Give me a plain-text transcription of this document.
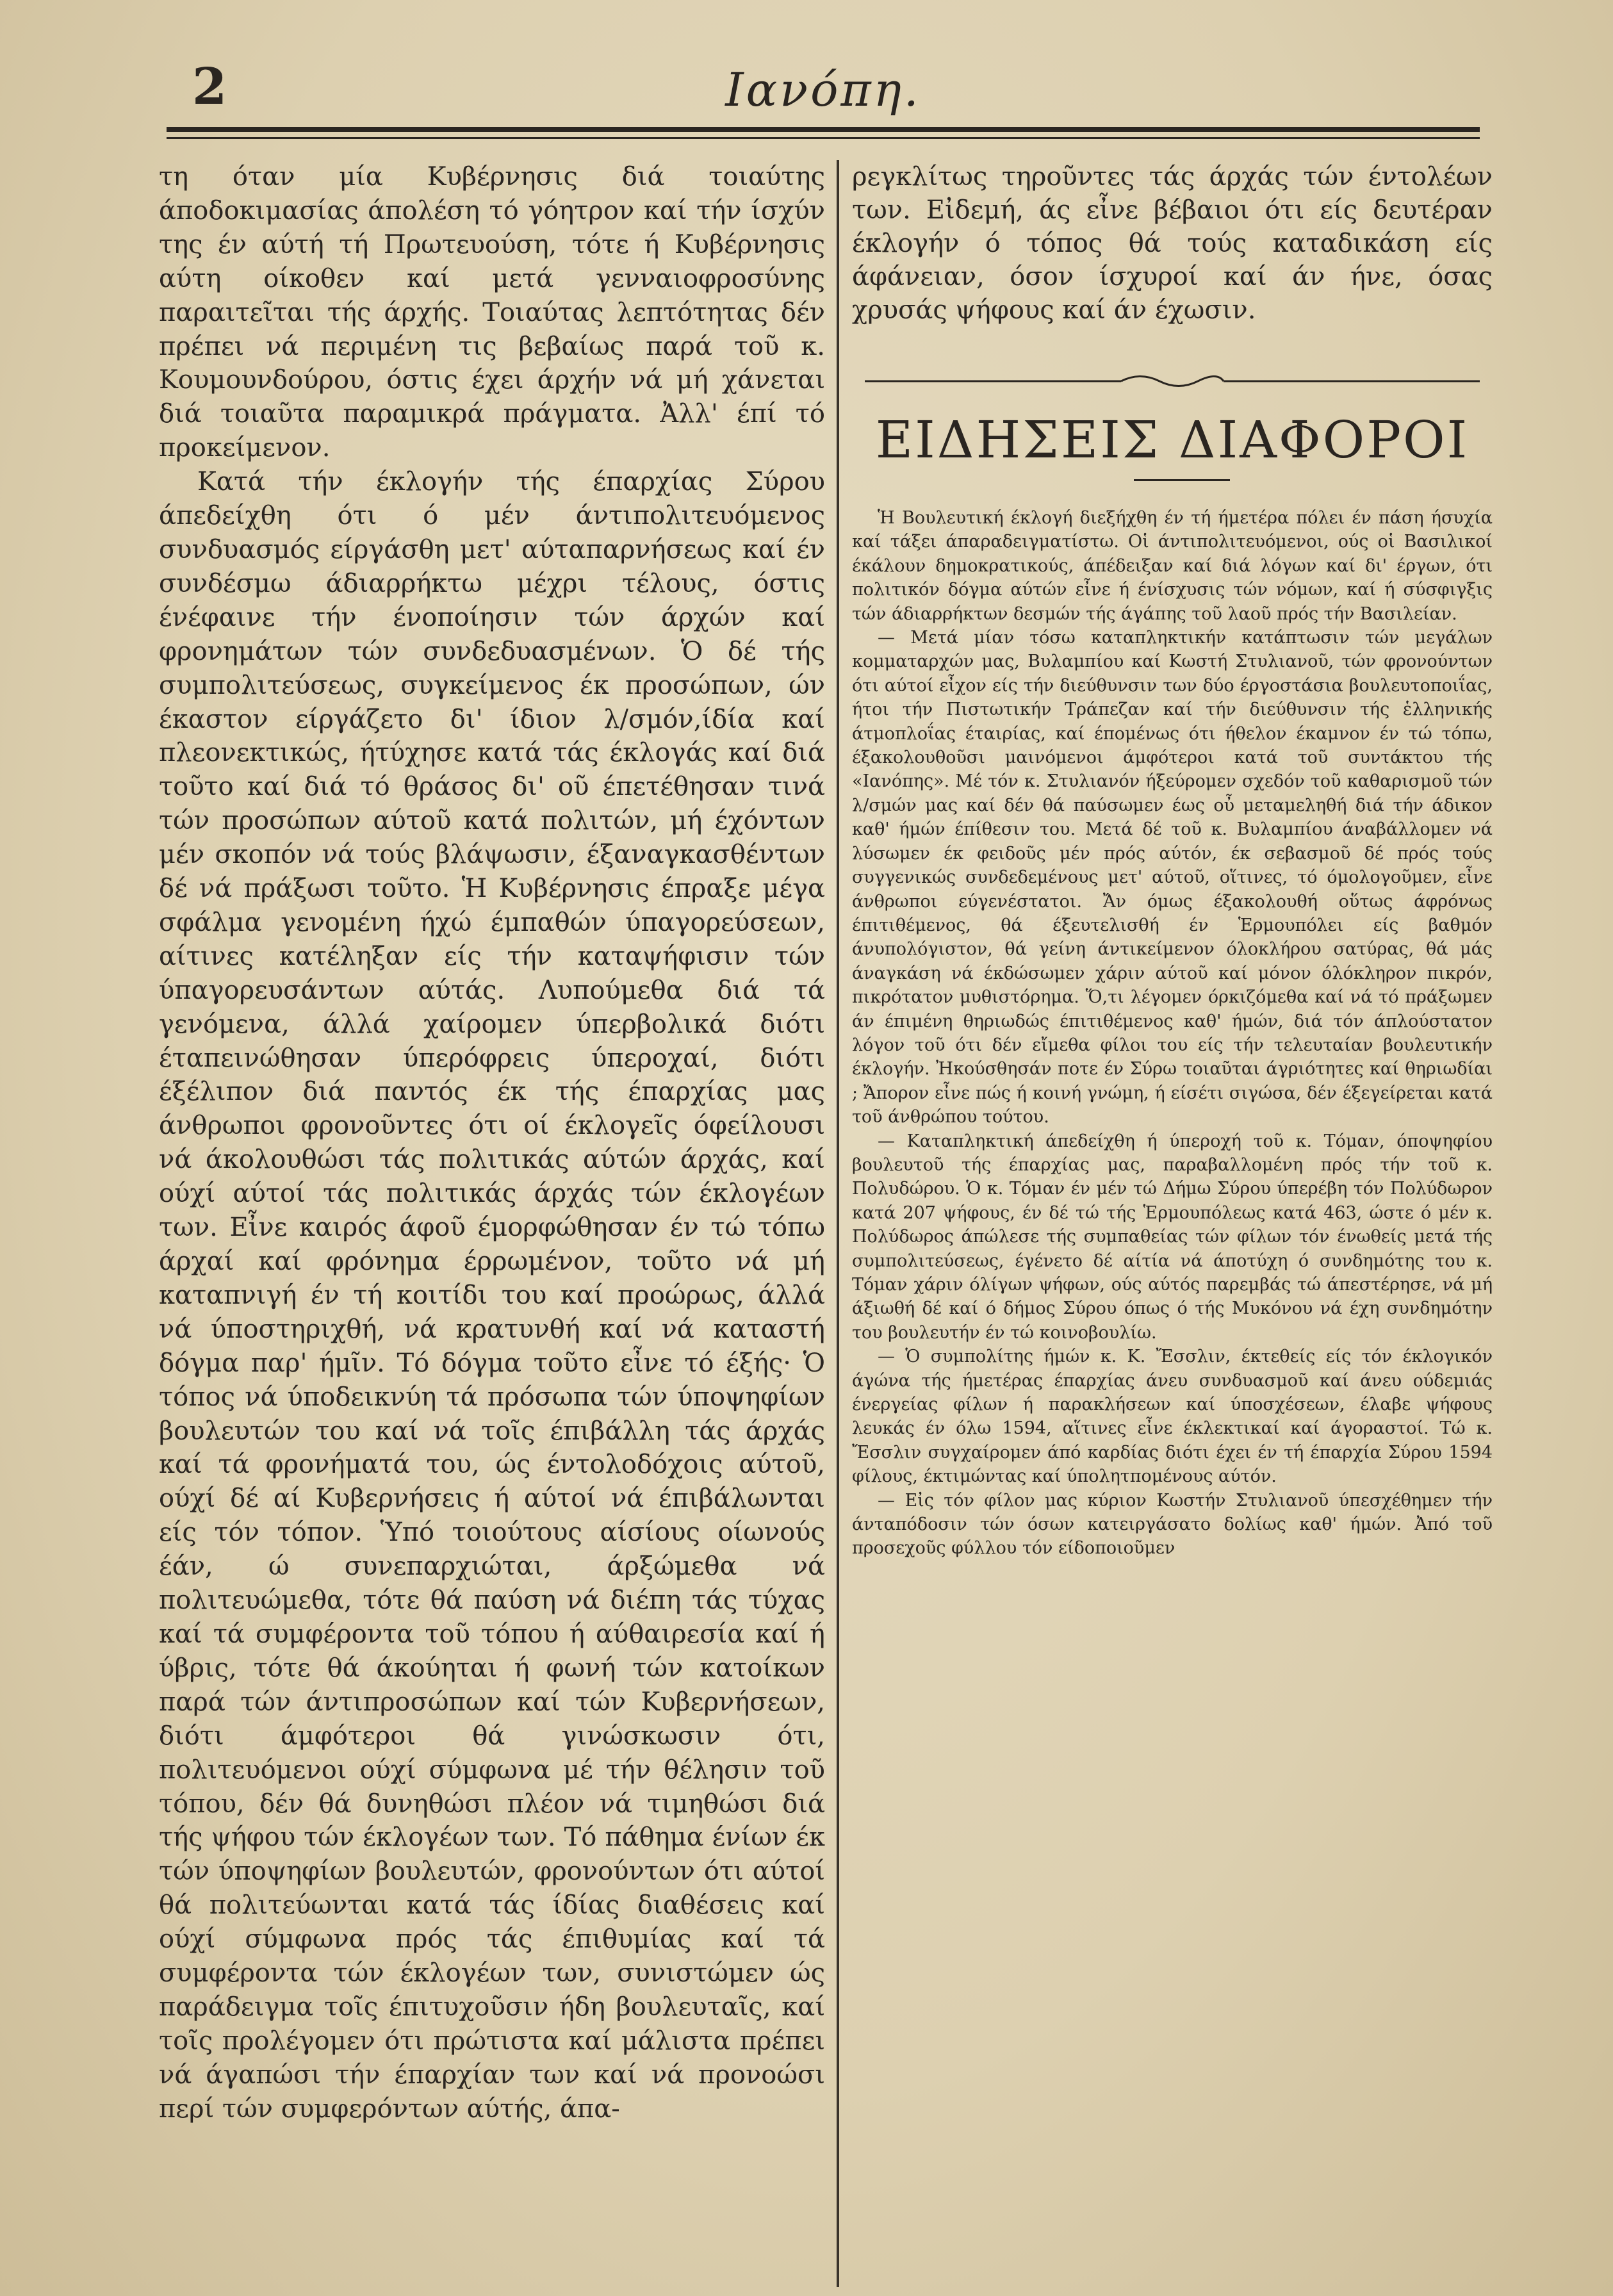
2	Ιανόπη.

τη όταν μία Κυβέρνησις διά τοιαύτης άποδοκιμασίας άπολέση τό γόητρον καί τήν ίσχύν της έν αύτή τή Πρωτευούση, τότε ή Κυβέρνησις αύτη οίκοθεν καί μετά γενναιοφροσύνης παραιτεῖται τής άρχής. Τοιαύτας λεπτότητας δέν πρέπει νά περιμένη τις βεβαίως παρά τοῦ κ. Κουμουνδούρου, όστις έχει άρχήν νά μή χάνεται διά τοιαῦτα παραμικρά πράγματα. Ἀλλ' έπί τό προκείμενον.

Κατά τήν έκλογήν τής έπαρχίας Σύρου άπεδείχθη ότι ό μέν άντιπολιτευόμενος συνδυασμός είργάσθη μετ' αύταπαρνήσεως καί έν συνδέσμω άδιαρρήκτω μέχρι τέλους, όστις ένέφαινε τήν ένοποίησιν τών άρχών καί φρονημάτων τών συνδεδυασμένων. Ὁ δέ τής συμπολιτεύσεως, συγκείμενος έκ προσώπων, ών έκαστον είργάζετο δι' ίδιον λ/σμόν,ίδία καί πλεονεκτικώς, ήτύχησε κατά τάς έκλογάς καί διά τοῦτο καί διά τό θράσος δι' οῦ έπετέθησαν τινά τών προσώπων αύτοῦ κατά πολιτών, μή έχόντων μέν σκοπόν νά τούς βλάψωσιν, έξαναγκασθέντων δέ νά πράξωσι τοῦτο. Ἡ Κυβέρνησις έπραξε μέγα σφάλμα γενομένη ήχώ έμπαθών ύπαγορεύσεων, αίτινες κατέληξαν είς τήν καταψήφισιν τών ύπαγορευσάντων αύτάς. Λυπούμεθα διά τά γενόμενα, άλλά χαίρομεν ύπερβολικά διότι έταπεινώθησαν ύπερόφρεις ύπεροχαί, διότι έξέλιπον διά παντός έκ τής έπαρχίας μας άνθρωποι φρονοῦντες ότι οί έκλογεῖς όφείλουσι νά άκολουθώσι τάς πολιτικάς αύτών άρχάς, καί ούχί αύτοί τάς πολιτικάς άρχάς τών έκλογέων των. Εἶνε καιρός άφοῦ έμορφώθησαν έν τώ τόπω άρχαί καί φρόνημα έρρωμένον, τοῦτο νά μή καταπνιγή έν τή κοιτίδι του καί προώρως, άλλά νά ύποστηριχθή, νά κρατυνθή καί νά καταστή δόγμα παρ' ήμῖν. Τό δόγμα τοῦτο εἶνε τό έξής· Ὁ τόπος νά ύποδεικνύη τά πρόσωπα τών ύποψηφίων βουλευτών του καί νά τοῖς έπιβάλλη τάς άρχάς καί τά φρονήματά του, ώς έντολοδόχοις αύτοῦ, ούχί δέ αί Κυβερνήσεις ή αύτοί νά έπιβάλωνται είς τόν τόπον. Ὑπό τοιούτους αίσίους οίωνούς έάν, ώ συνεπαρχιώται, άρξώμεθα νά πολιτευώμεθα, τότε θά παύση νά διέπη τάς τύχας καί τά συμφέροντα τοῦ τόπου ή αύθαιρεσία καί ή ύβρις, τότε θά άκούηται ή φωνή τών κατοίκων παρά τών άντιπροσώπων καί τών Κυβερνήσεων, διότι άμφότεροι θά γινώσκωσιν ότι, πολιτευόμενοι ούχί σύμφωνα μέ τήν θέλησιν τοῦ τόπου, δέν θά δυνηθώσι πλέον νά τιμηθώσι διά τής ψήφου τών έκλογέων των. Τό πάθημα ένίων έκ τών ύποψηφίων βουλευτών, φρονούντων ότι αύτοί θά πολιτεύωνται κατά τάς ίδίας διαθέσεις καί ούχί σύμφωνα πρός τάς έπιθυμίας καί τά συμφέροντα τών έκλογέων των, συνιστώμεν ώς παράδειγμα τοῖς έπιτυχοῦσιν ήδη βουλευταῖς, καί τοῖς προλέγομεν ότι πρώτιστα καί μάλιστα πρέπει νά άγαπώσι τήν έπαρχίαν των καί νά προνοώσι περί τών συμφερόντων αύτής, άπα-

ρεγκλίτως τηροῦντες τάς άρχάς τών έντολέων των. Εἰδεμή, άς εἶνε βέβαιοι ότι είς δευτέραν έκλογήν ό τόπος θά τούς καταδικάση είς άφάνειαν, όσον ίσχυροί καί άν ήνε, όσας χρυσάς ψήφους καί άν έχωσιν.

ΕΙΔΗΣΕΙΣ ΔΙΑΦΟΡΟΙ

Ἡ Βουλευτική έκλογή διεξήχθη έν τή ήμετέρα πόλει έν πάση ήσυχία καί τάξει άπαραδειγματίστω. Οἱ άντιπολιτευόμενοι, ούς οἱ Βασιλικοί έκάλουν δημοκρατικούς, άπέδειξαν καί διά λόγων καί δι' έργων, ότι πολιτικόν δόγμα αύτών εἶνε ή ένίσχυσις τών νόμων, καί ή σύσφιγξις τών άδιαρρήκτων δεσμών τής άγάπης τοῦ λαοῦ πρός τήν Βασιλείαν.

— Μετά μίαν τόσω καταπληκτικήν κατάπτωσιν τών μεγάλων κομματαρχών μας, Βυλαμπίου καί Κωστή Στυλιανοῦ, τών φρονούντων ότι αύτοί εἶχον είς τήν διεύθυνσιν των δύο έργοστάσια βουλευτοποιΐας, ήτοι τήν Πιστωτικήν Τράπεζαν καί τήν διεύθυνσιν τής ἑλληνικής άτμοπλοΐας έταιρίας, καί έπομένως ότι ήθελον έκαμνον έν τώ τόπω, έξακολουθοῦσι μαινόμενοι άμφότεροι κατά τοῦ συντάκτου τής «Ιανόπης». Μέ τόν κ. Στυλιανόν ήξεύρομεν σχεδόν τοῦ καθαρισμοῦ τών λ/σμών μας καί δέν θά παύσωμεν έως οὖ μεταμεληθή διά τήν άδικον καθ' ήμών έπίθεσιν του. Μετά δέ τοῦ κ. Βυλαμπίου άναβάλλομεν νά λύσωμεν έκ φειδοῦς μέν πρός αύτόν, έκ σεβασμοῦ δέ πρός τούς συγγενικώς συνδεδεμένους μετ' αύτοῦ, οἵτινες, τό όμολογοῦμεν, εἶνε άνθρωποι εύγενέστατοι. Ἄν όμως έξακολουθή οὕτως άφρόνως έπιτιθέμενος, θά έξευτελισθή έν Ἑρμουπόλει είς βαθμόν άνυπολόγιστον, θά γείνη άντικείμενον όλοκλήρου σατύρας, θά μάς άναγκάση νά έκδώσωμεν χάριν αύτοῦ καί μόνον όλόκληρον πικρόν, πικρότατον μυθιστόρημα. Ὅ,τι λέγομεν όρκιζόμεθα καί νά τό πράξωμεν άν έπιμένη θηριωδώς έπιτιθέμενος καθ' ήμών, διά τόν άπλούστατον λόγον τοῦ ότι δέν εἴμεθα φίλοι του είς τήν τελευταίαν βουλευτικήν έκλογήν. Ἠκούσθησάν ποτε έν Σύρω τοιαῦται άγριότητες καί θηριωδίαι ; Ἄπορον εἶνε πώς ή κοινή γνώμη, ή είσέτι σιγώσα, δέν έξεγείρεται κατά τοῦ άνθρώπου τούτου.

— Καταπληκτική άπεδείχθη ή ύπεροχή τοῦ κ. Τόμαν, όποψηφίου βουλευτοῦ τής έπαρχίας μας, παραβαλλομένη πρός τήν τοῦ κ. Πολυδώρου. Ὁ κ. Τόμαν έν μέν τώ Δήμω Σύρου ύπερέβη τόν Πολύδωρον κατά 207 ψήφους, έν δέ τώ τής Ἑρμουπόλεως κατά 463, ώστε ό μέν κ. Πολύδωρος άπώλεσε τής συμπαθείας τών φίλων τόν ένωθείς μετά τής συμπολιτεύσεως, έγένετο δέ αίτία νά άποτύχη ό συνδημότης του κ. Τόμαν χάριν όλίγων ψήφων, ούς αύτός παρεμβάς τώ άπεστέρησε, νά μή άξιωθή δέ καί ό δήμος Σύρου όπως ό τής Μυκόνου νά έχη συνδημότην του βουλευτήν έν τώ κοινοβουλίω.

— Ὁ συμπολίτης ήμών κ. Κ. Ἔσσλιν, έκτεθείς είς τόν έκλογικόν άγώνα τής ήμετέρας έπαρχίας άνευ συνδυασμοῦ καί άνευ ούδεμιάς ένεργείας φίλων ή παρακλήσεων καί ύποσχέσεων, έλαβε ψήφους λευκάς έν όλω 1594, αἵτινες εἶνε έκλεκτικαί καί άγοραστοί. Τώ κ. Ἔσσλιν συγχαίρομεν άπό καρδίας διότι έχει έν τή έπαρχία Σύρου 1594 φίλους, έκτιμώντας καί ύπολητπομένους αύτόν.

— Εἰς τόν φίλον μας κύριον Κωστήν Στυλιανοῦ ύπεσχέθημεν τήν άνταπόδοσιν τών όσων κατειργάσατο δολίως καθ' ήμών. Ἀπό τοῦ προσεχοῦς φύλλου τόν είδοποιοῦμεν
